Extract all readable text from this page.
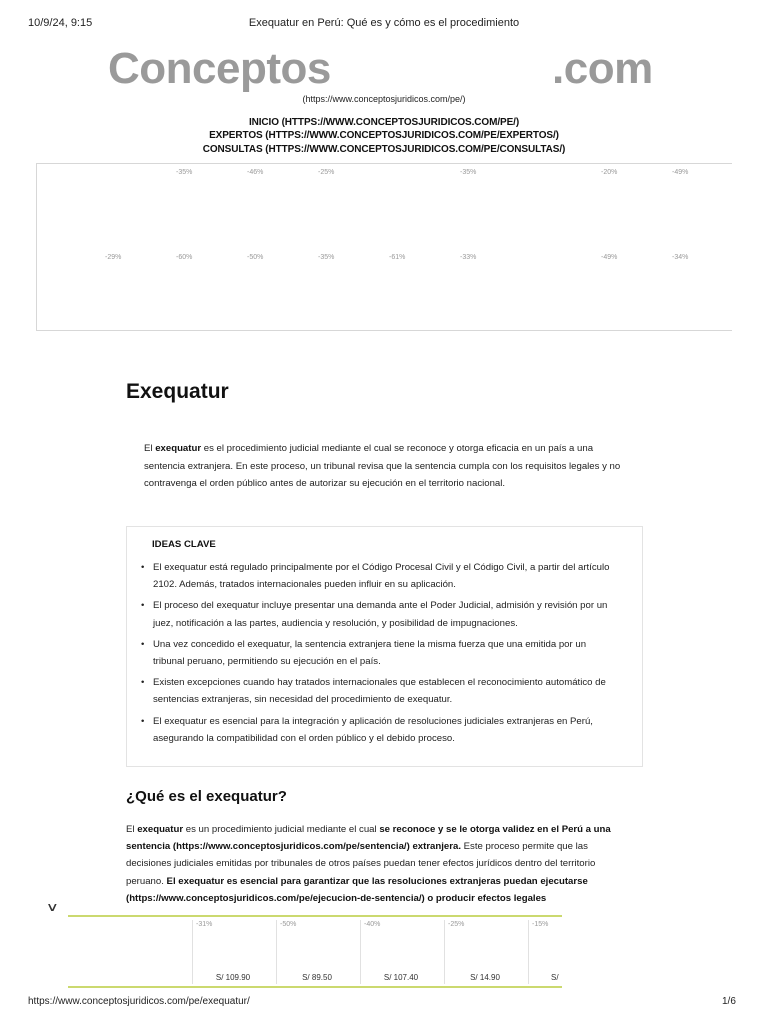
10/9/24, 9:15	Exequatur en Perú: Qué es y cómo es el procedimiento
Conceptos	.com
(https://www.conceptosjuridicos.com/pe/)
INICIO (HTTPS://WWW.CONCEPTOSJURIDICOS.COM/PE/)
EXPERTOS (HTTPS://WWW.CONCEPTOSJURIDICOS.COM/PE/EXPERTOS/)
CONSULTAS (HTTPS://WWW.CONCEPTOSJURIDICOS.COM/PE/CONSULTAS/)
-35%	-46%	-25%	-35%	-20%	-49%
-29%	-60%	-50%	-35%	-61%	-33%	-49%	-34%
Exequatur
El exequatur es el procedimiento judicial mediante el cual se reconoce y otorga eficacia en un país a una sentencia extranjera. En este proceso, un tribunal revisa que la sentencia cumpla con los requisitos legales y no contravenga el orden público antes de autorizar su ejecución en el territorio nacional.
IDEAS CLAVE
• El exequatur está regulado principalmente por el Código Procesal Civil y el Código Civil, a partir del artículo 2102. Además, tratados internacionales pueden influir en su aplicación.
• El proceso del exequatur incluye presentar una demanda ante el Poder Judicial, admisión y revisión por un juez, notificación a las partes, audiencia y resolución, y posibilidad de impugnaciones.
• Una vez concedido el exequatur, la sentencia extranjera tiene la misma fuerza que una emitida por un tribunal peruano, permitiendo su ejecución en el país.
• Existen excepciones cuando hay tratados internacionales que establecen el reconocimiento automático de sentencias extranjeras, sin necesidad del procedimiento de exequatur.
• El exequatur es esencial para la integración y aplicación de resoluciones judiciales extranjeras en Perú, asegurando la compatibilidad con el orden público y el debido proceso.
¿Qué es el exequatur?
El exequatur es un procedimiento judicial mediante el cual se reconoce y se le otorga validez en el Perú a una sentencia (https://www.conceptosjuridicos.com/pe/sentencia/) extranjera. Este proceso permite que las decisiones judiciales emitidas por tribunales de otros países puedan tener efectos jurídicos dentro del territorio peruano. El exequatur es esencial para garantizar que las resoluciones extranjeras puedan ejecutarse (https://www.conceptosjuridicos.com/pe/ejecucion-de-sentencia/) o producir efectos legales
∨
-31%
S/ 109.90
-50%
S/ 89.50
-40%
S/ 107.40
-25%
S/ 14.90
-15%
S/
https://www.conceptosjuridicos.com/pe/exequatur/	1/6
